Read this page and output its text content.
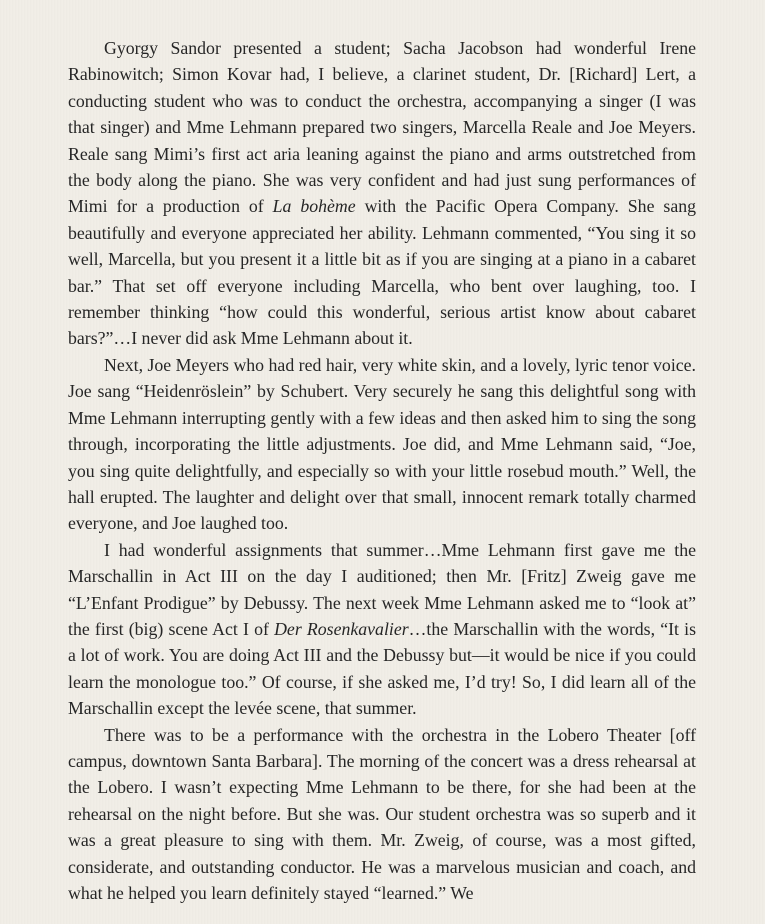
Gyorgy Sandor presented a student; Sacha Jacobson had wonderful Irene Rabinowitch; Simon Kovar had, I believe, a clarinet student, Dr. [Richard] Lert, a conducting student who was to conduct the orchestra, accompanying a singer (I was that singer) and Mme Lehmann prepared two singers, Marcella Reale and Joe Meyers. Reale sang Mimi’s first act aria leaning against the piano and arms outstretched from the body along the piano. She was very confident and had just sung performances of Mimi for a production of La bohème with the Pacific Opera Company. She sang beautifully and everyone appreciated her ability. Lehmann commented, “You sing it so well, Marcella, but you present it a little bit as if you are singing at a piano in a cabaret bar.” That set off everyone including Marcella, who bent over laughing, too. I remember thinking “how could this wonderful, serious artist know about cabaret bars?”…I never did ask Mme Lehmann about it.

Next, Joe Meyers who had red hair, very white skin, and a lovely, lyric tenor voice. Joe sang “Heidenröslein” by Schubert. Very securely he sang this delightful song with Mme Lehmann interrupting gently with a few ideas and then asked him to sing the song through, incorporating the little adjustments. Joe did, and Mme Lehmann said, “Joe, you sing quite delightfully, and especially so with your little rosebud mouth.” Well, the hall erupted. The laughter and delight over that small, innocent remark totally charmed everyone, and Joe laughed too.

I had wonderful assignments that summer…Mme Lehmann first gave me the Marschallin in Act III on the day I auditioned; then Mr. [Fritz] Zweig gave me “L’Enfant Prodigue” by Debussy. The next week Mme Lehmann asked me to “look at” the first (big) scene Act I of Der Rosenkavalier…the Marschallin with the words, “It is a lot of work. You are doing Act III and the Debussy but—it would be nice if you could learn the monologue too.” Of course, if she asked me, I’d try! So, I did learn all of the Marschallin except the levée scene, that summer.

There was to be a performance with the orchestra in the Lobero Theater [off campus, downtown Santa Barbara]. The morning of the concert was a dress rehearsal at the Lobero. I wasn’t expecting Mme Lehmann to be there, for she had been at the rehearsal on the night before. But she was. Our student orchestra was so superb and it was a great pleasure to sing with them. Mr. Zweig, of course, was a most gifted, considerate, and outstanding conductor. He was a marvelous musician and coach, and what he helped you learn definitely stayed “learned.” We
